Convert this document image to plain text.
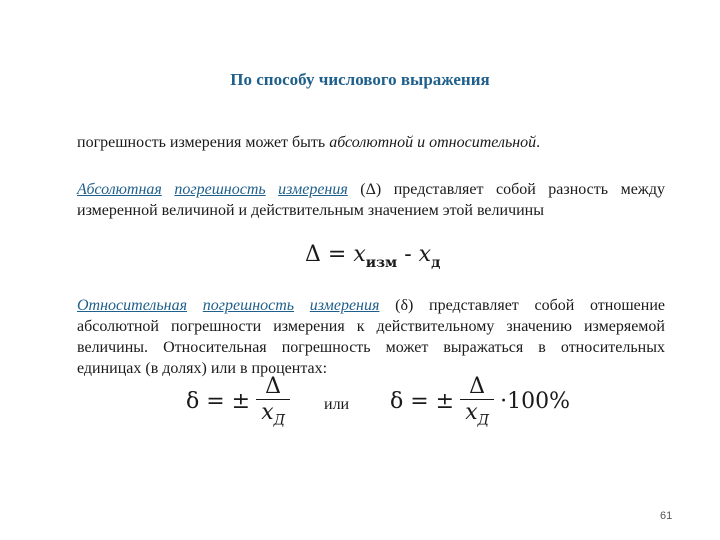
По способу числового выражения
погрешность измерения может быть абсолютной и относительной.
Абсолютная погрешность измерения (Δ) представляет собой разность между измеренной величиной и действительным значением этой величины
$\Delta = x_{изм} - x_д$
Относительная погрешность измерения (δ) представляет собой отношение абсолютной погрешности измерения к действительному значению измеряемой величины. Относительная погрешность может выражаться в относительных единицах (в долях) или в процентах:
δ = ± $\frac{\Delta}{x_Д}$ или δ = ± $\frac{\Delta}{x_Д} \cdot 100\%$
61
